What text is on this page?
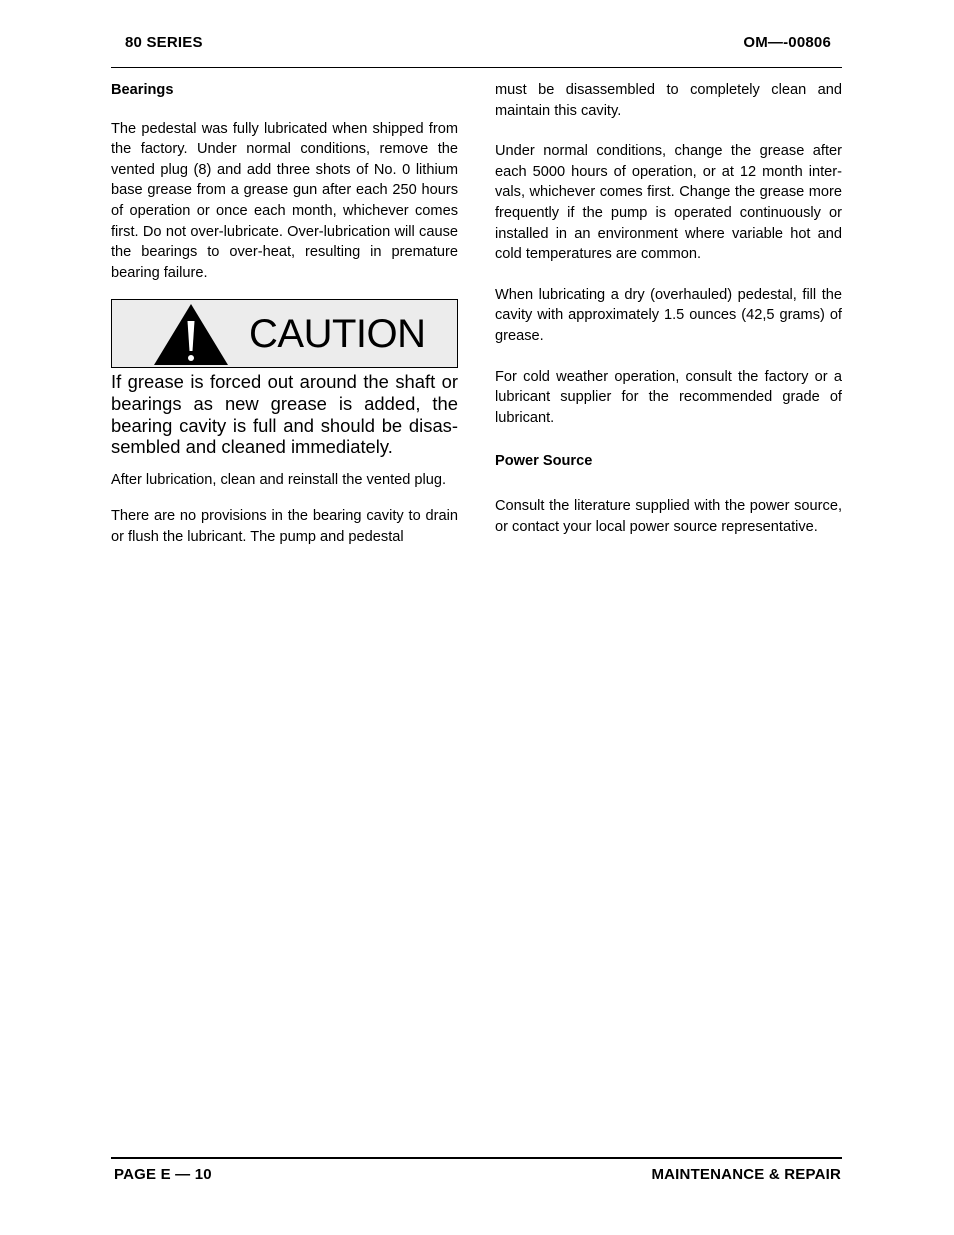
80 SERIES	OM—-00806

Bearings

The pedestal was fully lubricated when shipped from the factory. Under normal conditions, remove the vented plug (8) and add three shots of No. 0 lithium base grease from a grease gun after each 250 hours of operation or once each month, whichever comes first. Do not over-lubricate. Over-lubrication will cause the bearings to over-heat, resulting in premature bearing failure.

CAUTION

If grease is forced out around the shaft or bearings as new grease is added, the bearing cavity is full and should be disassembled and cleaned immediately.

After lubrication, clean and reinstall the vented plug.

There are no provisions in the bearing cavity to drain or flush the lubricant. The pump and pedestal

must be disassembled to completely clean and maintain this cavity.

Under normal conditions, change the grease after each 5000 hours of operation, or at 12 month intervals, whichever comes first. Change the grease more frequently if the pump is operated continuously or installed in an environment where variable hot and cold temperatures are common.

When lubricating a dry (overhauled) pedestal, fill the cavity with approximately 1.5 ounces (42,5 grams) of grease.

For cold weather operation, consult the factory or a lubricant supplier for the recommended grade of lubricant.

Power Source

Consult the literature supplied with the power source, or contact your local power source representative.

PAGE E — 10	MAINTENANCE & REPAIR
